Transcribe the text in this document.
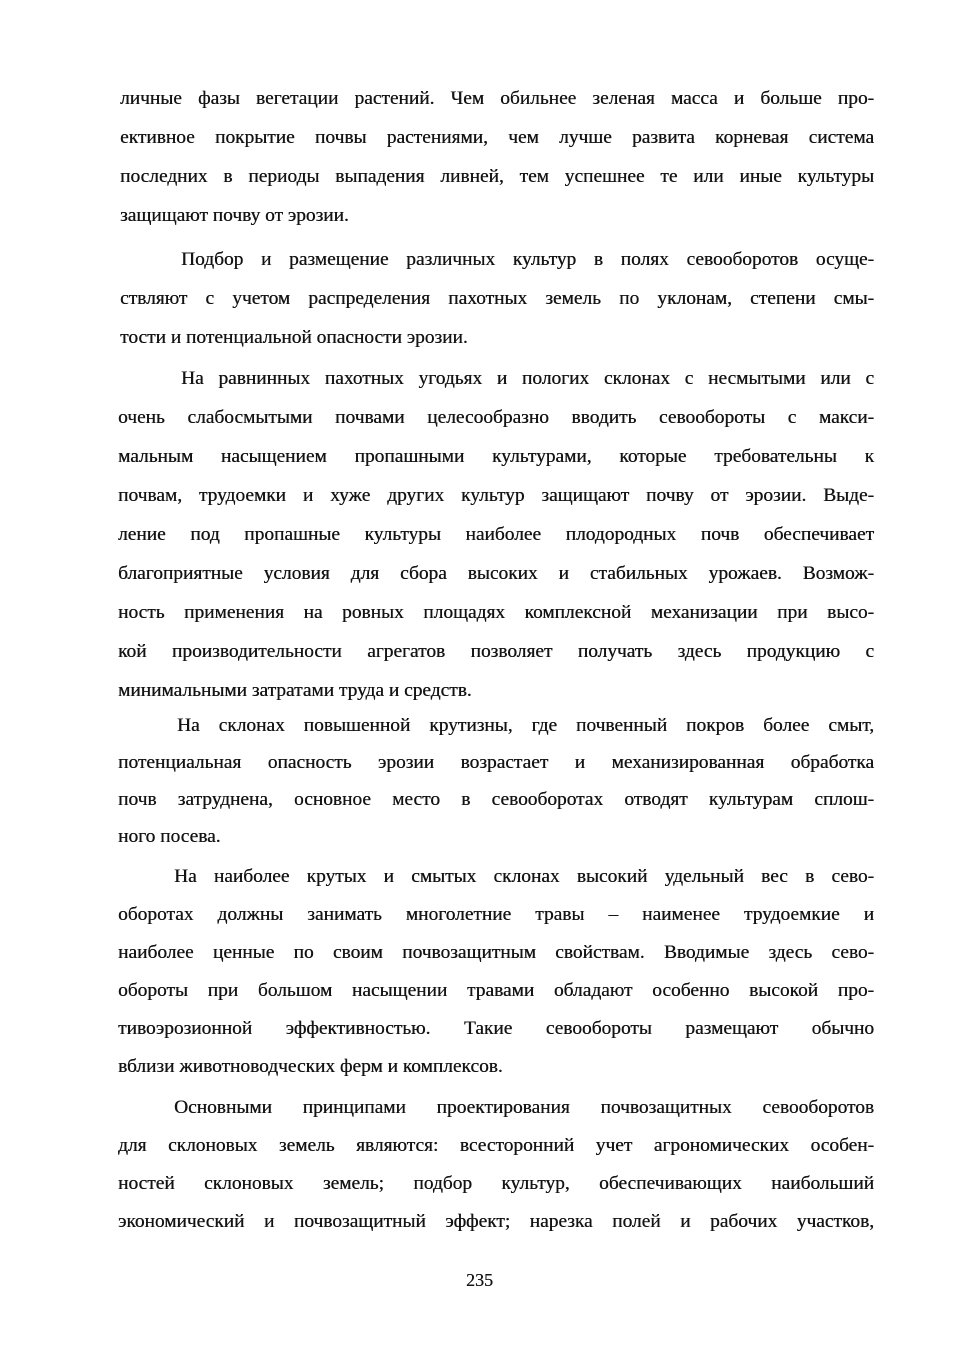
личные фазы вегетации растений. Чем обильнее зеленая масса и больше про-
ективное покрытие почвы растениями, чем лучше развита корневая система
последних в периоды выпадения ливней, тем успешнее те или иные культуры
защищают почву от эрозии.
Подбор и размещение различных культур в полях севооборотов осуще-
ствляют с учетом распределения пахотных земель по уклонам, степени смы-
тости и потенциальной опасности эрозии.
На равнинных пахотных угодьях и пологих склонах с несмытыми или с
очень слабосмытыми почвами целесообразно вводить севообороты с макси-
мальным насыщением пропашными культурами, которые требовательны к
почвам, трудоемки и хуже других культур защищают почву от эрозии. Выде-
ление под пропашные культуры наиболее плодородных почв обеспечивает
благоприятные условия для сбора высоких и стабильных урожаев. Возмож-
ность применения на ровных площадях комплексной механизации при высо-
кой производительности агрегатов позволяет получать здесь продукцию с
минимальными затратами труда и средств.
На склонах повышенной крутизны, где почвенный покров более смыт,
потенциальная опасность эрозии возрастает и механизированная обработка
почв затруднена, основное место в севооборотах отводят культурам сплош-
ного посева.
На наиболее крутых и смытых склонах высокий удельный вес в сево-
оборотах должны занимать многолетние травы – наименее трудоемкие и
наиболее ценные по своим почвозащитным свойствам. Вводимые здесь сево-
обороты при большом насыщении травами обладают особенно высокой про-
тивоэрозионной эффективностью. Такие севообороты размещают обычно
вблизи животноводческих ферм и комплексов.
Основными принципами проектирования почвозащитных севооборотов
для склоновых земель являются: всесторонний учет агрономических особен-
ностей склоновых земель; подбор культур, обеспечивающих наибольший
экономический и почвозащитный эффект; нарезка полей и рабочих участков,
235
